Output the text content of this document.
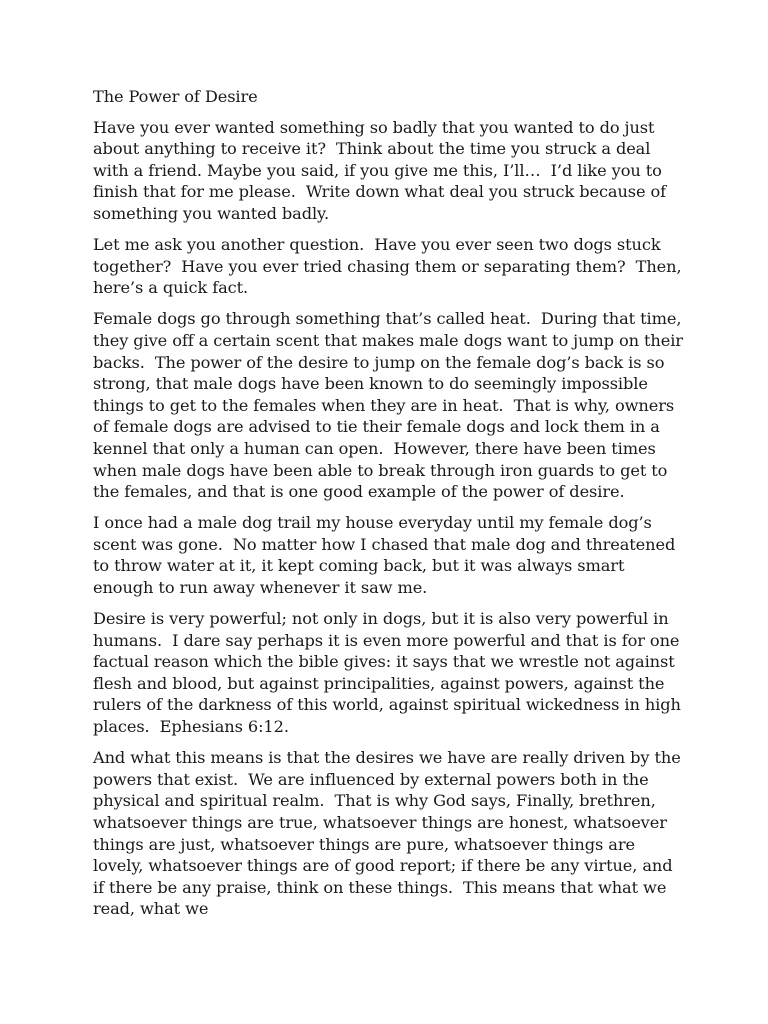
The Power of Desire

Have you ever wanted something so badly that you wanted to do just about anything to receive it?  Think about the time you struck a deal with a friend. Maybe you said, if you give me this, I’ll…  I’d like you to finish that for me please.  Write down what deal you struck because of something you wanted badly.

Let me ask you another question.  Have you ever seen two dogs stuck together?  Have you ever tried chasing them or separating them?  Then, here’s a quick fact.

Female dogs go through something that’s called heat.  During that time, they give off a certain scent that makes male dogs want to jump on their backs.  The power of the desire to jump on the female dog’s back is so strong, that male dogs have been known to do seemingly impossible things to get to the females when they are in heat.  That is why, owners of female dogs are advised to tie their female dogs and lock them in a kennel that only a human can open.  However, there have been times when male dogs have been able to break through iron guards to get to the females, and that is one good example of the power of desire.

I once had a male dog trail my house everyday until my female dog’s scent was gone.  No matter how I chased that male dog and threatened to throw water at it, it kept coming back, but it was always smart enough to run away whenever it saw me.

Desire is very powerful; not only in dogs, but it is also very powerful in humans.  I dare say perhaps it is even more powerful and that is for one factual reason which the bible gives: it says that we wrestle not against flesh and blood, but against principalities, against powers, against the rulers of the darkness of this world, against spiritual wickedness in high places.  Ephesians 6:12.

And what this means is that the desires we have are really driven by the powers that exist.  We are influenced by external powers both in the physical and spiritual realm.  That is why God says, Finally, brethren, whatsoever things are true, whatsoever things are honest, whatsoever things are just, whatsoever things are pure, whatsoever things are lovely, whatsoever things are of good report; if there be any virtue, and if there be any praise, think on these things.  This means that what we read, what we
